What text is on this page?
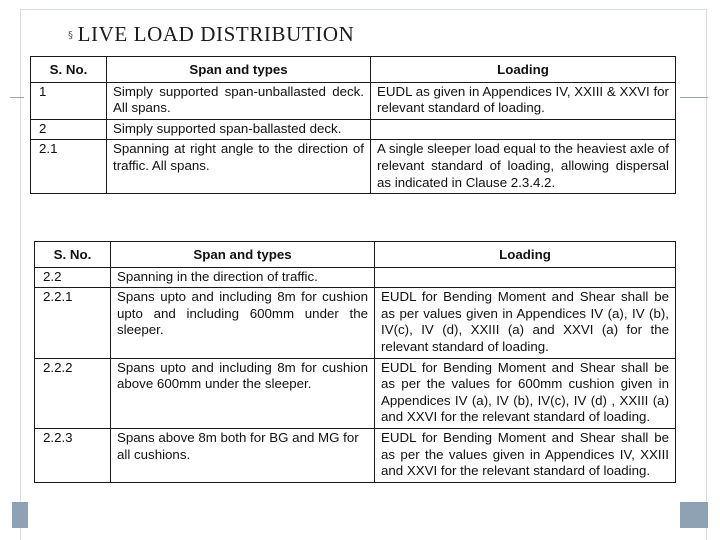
§ LIVE LOAD DISTRIBUTION
S. No.	Span and types	Loading
1	Simply supported span-unballasted deck. All spans.	EUDL as given in Appendices IV, XXIII & XXVI for relevant standard of loading.
2	Simply supported span-ballasted deck.	
2.1	Spanning at right angle to the direction of traffic. All spans.	A single sleeper load equal to the heaviest axle of relevant standard of loading, allowing dispersal as indicated in Clause 2.3.4.2.
S. No.	Span and types	Loading
2.2	Spanning in the direction of traffic.	
2.2.1	Spans upto and including 8m for cushion upto and including 600mm under the sleeper.	EUDL for Bending Moment and Shear shall be as per values given in Appendices IV (a), IV (b), IV(c), IV (d), XXIII (a) and XXVI (a) for the relevant standard of loading.
2.2.2	Spans upto and including 8m for cushion above 600mm under the sleeper.	EUDL for Bending Moment and Shear shall be as per the values for 600mm cushion given in Appendices IV (a), IV (b), IV(c), IV (d) , XXIII (a) and XXVI for the relevant standard of loading.
2.2.3	Spans above 8m both for BG and MG for all cushions.	EUDL for Bending Moment and Shear shall be as per the values given in Appendices IV, XXIII and XXVI for the relevant standard of loading.
